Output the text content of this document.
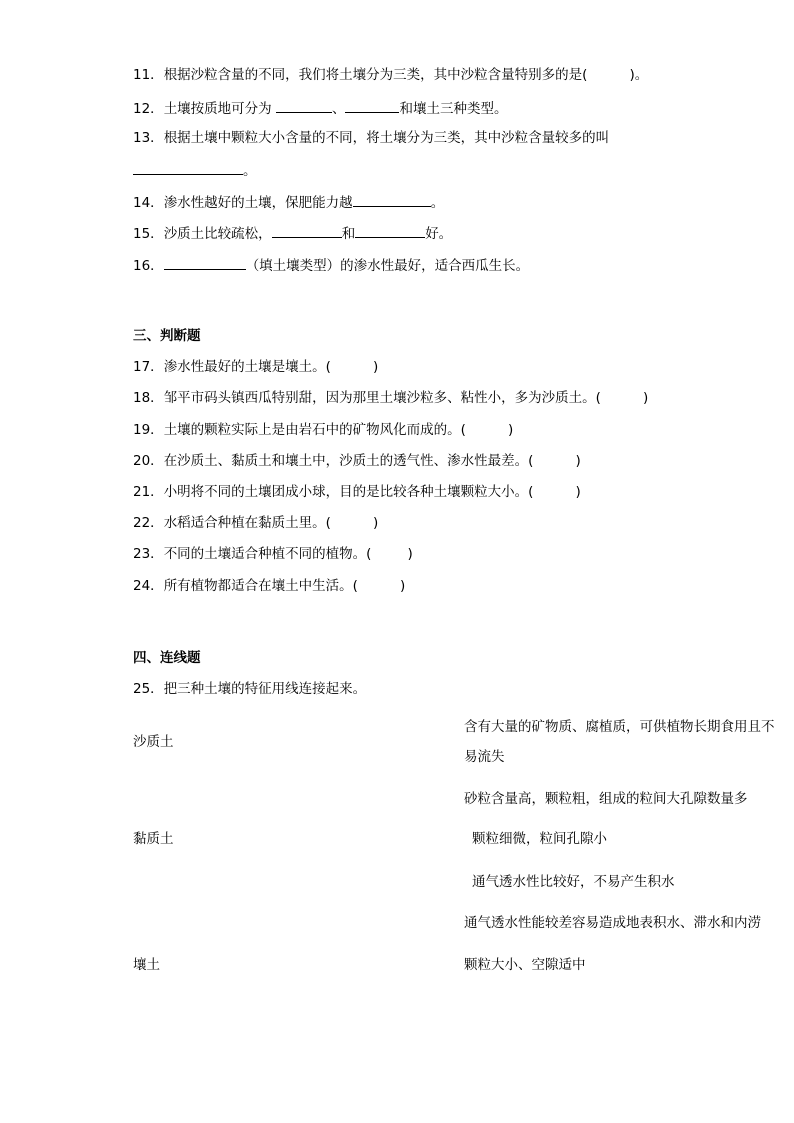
11．根据沙粒含量的不同，我们将土壤分为三类，其中沙粒含量特别多的是(	)。
12．土壤按质地可分为	、	和壤土三种类型。
13．根据土壤中颗粒大小含量的不同，将土壤分为三类，其中沙粒含量较多的叫
。
14．渗水性越好的土壤，保肥能力越	。
15．沙质土比较疏松，	和	好。
16．	（填土壤类型）的渗水性最好，适合西瓜生长。
三、判断题
17．渗水性最好的土壤是壤土。(	)
18．邹平市码头镇西瓜特别甜，因为那里土壤沙粒多、粘性小，多为沙质土。(	)
19．土壤的颗粒实际上是由岩石中的矿物风化而成的。(	)
20．在沙质土、黏质土和壤土中，沙质土的透气性、渗水性最差。(	)
21．小明将不同的土壤团成小球，目的是比较各种土壤颗粒大小。(	)
22．水稻适合种植在黏质土里。(	)
23．不同的土壤适合种植不同的植物。(	)
24．所有植物都适合在壤土中生活。(	)
四、连线题
25．把三种土壤的特征用线连接起来。
沙质土
黏质土
壤土
含有大量的矿物质、腐植质，可供植物长期食用且不
易流失
砂粒含量高，颗粒粗，组成的粒间大孔隙数量多
颗粒细微，粒间孔隙小
通气透水性比较好，不易产生积水
通气透水性能较差容易造成地表积水、滞水和内涝
颗粒大小、空隙适中
